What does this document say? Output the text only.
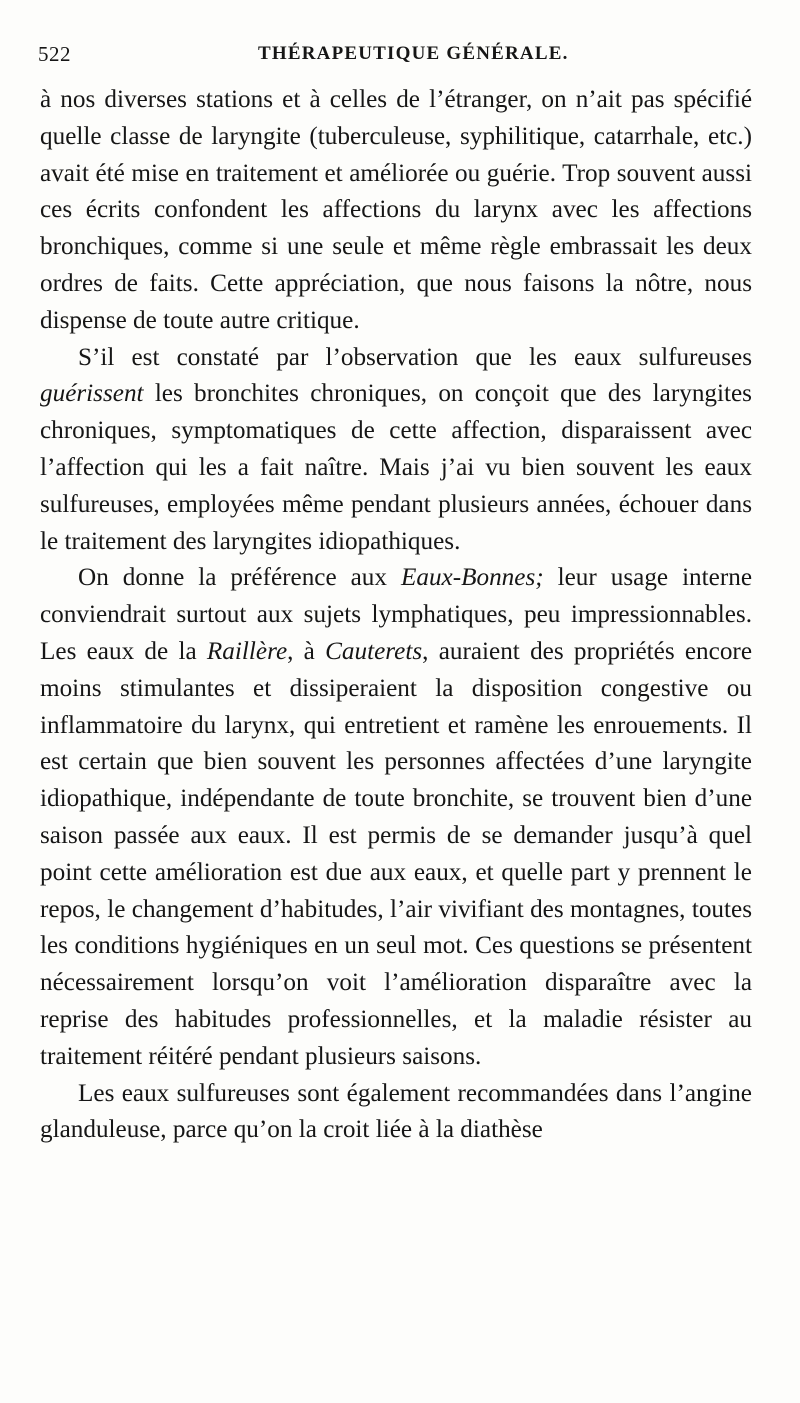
522	THÉRAPEUTIQUE GÉNÉRALE.

à nos diverses stations et à celles de l’étranger, on n’ait pas spécifié quelle classe de laryngite (tuberculeuse, syphilitique, catarrhale, etc.) avait été mise en traitement et améliorée ou guérie. Trop souvent aussi ces écrits confondent les affections du larynx avec les affections bronchiques, comme si une seule et même règle embrassait les deux ordres de faits. Cette appréciation, que nous faisons la nôtre, nous dispense de toute autre critique.

S’il est constaté par l’observation que les eaux sulfureuses guérissent les bronchites chroniques, on conçoit que des laryngites chroniques, symptomatiques de cette affection, disparaissent avec l’affection qui les a fait naître. Mais j’ai vu bien souvent les eaux sulfureuses, employées même pendant plusieurs années, échouer dans le traitement des laryngites idiopathiques.

On donne la préférence aux Eaux-Bonnes; leur usage interne conviendrait surtout aux sujets lymphatiques, peu impressionnables. Les eaux de la Raillère, à Cauterets, auraient des propriétés encore moins stimulantes et dissiperaient la disposition congestive ou inflammatoire du larynx, qui entretient et ramène les enrouements. Il est certain que bien souvent les personnes affectées d’une laryngite idiopathique, indépendante de toute bronchite, se trouvent bien d’une saison passée aux eaux. Il est permis de se demander jusqu’à quel point cette amélioration est due aux eaux, et quelle part y prennent le repos, le changement d’habitudes, l’air vivifiant des montagnes, toutes les conditions hygiéniques en un seul mot. Ces questions se présentent nécessairement lorsqu’on voit l’amélioration disparaître avec la reprise des habitudes professionnelles, et la maladie résister au traitement réitéré pendant plusieurs saisons.

Les eaux sulfureuses sont également recommandées dans l’angine glanduleuse, parce qu’on la croit liée à la diathèse
